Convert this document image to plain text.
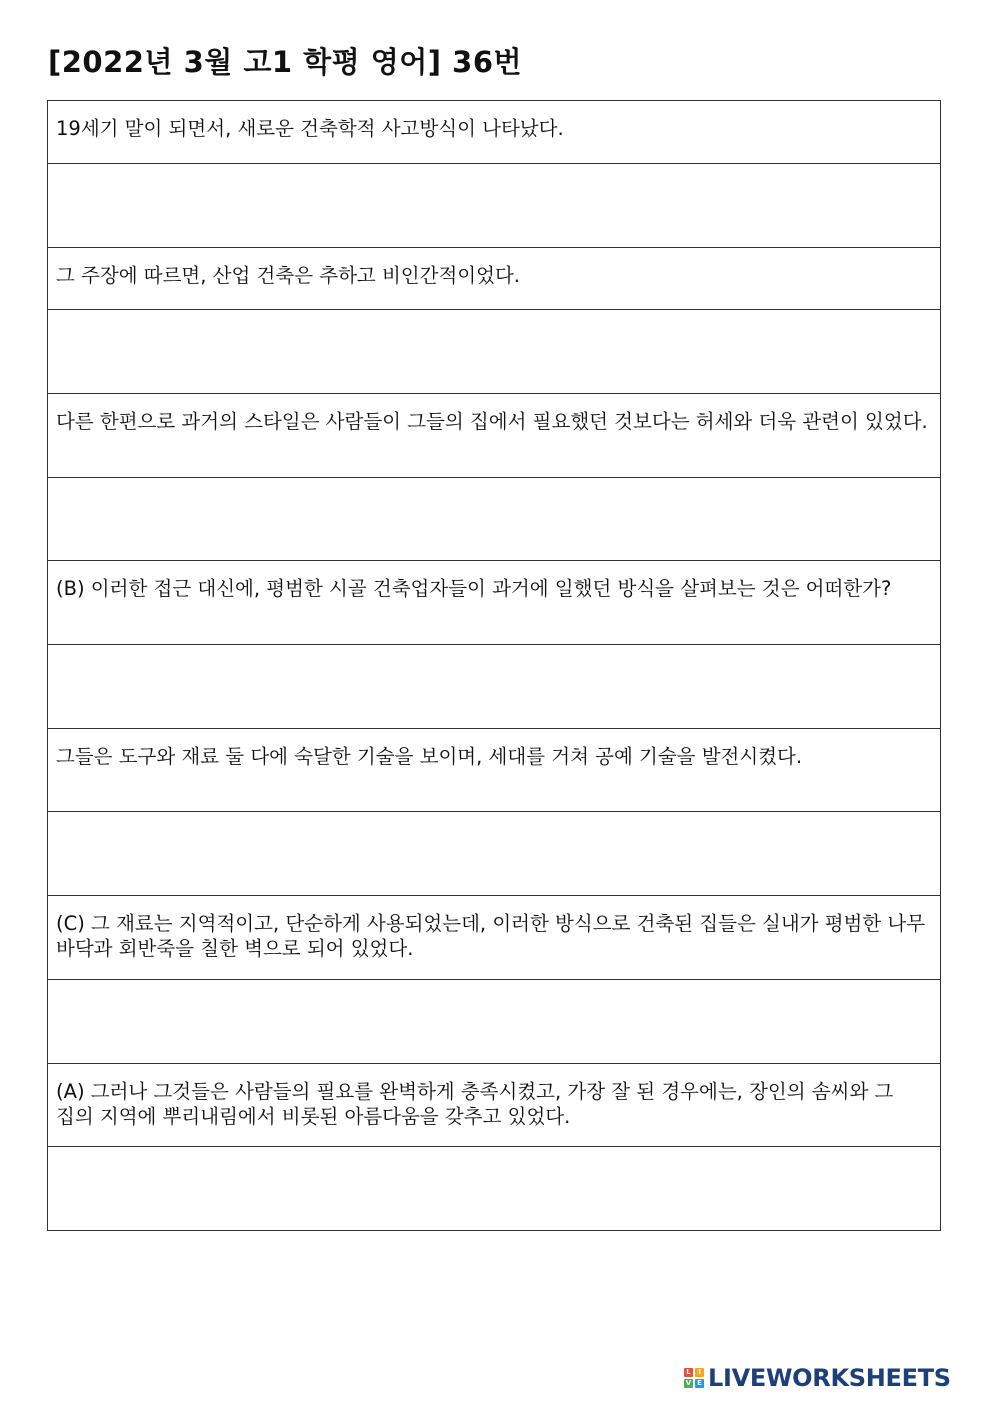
[2022년 3월 고1 학평 영어] 36번
19세기 말이 되면서, 새로운 건축학적 사고방식이 나타났다.

그 주장에 따르면, 산업 건축은 추하고 비인간적이었다.

다른 한편으로 과거의 스타일은 사람들이 그들의 집에서 필요했던 것보다는 허세와 더욱 관련이 있었다.

(B) 이러한 접근 대신에, 평범한 시골 건축업자들이 과거에 일했던 방식을 살펴보는 것은 어떠한가?

그들은 도구와 재료 둘 다에 숙달한 기술을 보이며, 세대를 거쳐 공예 기술을 발전시켰다.

(C) 그 재료는 지역적이고, 단순하게 사용되었는데, 이러한 방식으로 건축된 집들은 실내가 평범한 나무 바닥과 회반죽을 칠한 벽으로 되어 있었다.

(A) 그러나 그것들은 사람들의 필요를 완벽하게 충족시켰고, 가장 잘 된 경우에는, 장인의 솜씨와 그 집의 지역에 뿌리내림에서 비롯된 아름다움을 갖추고 있었다.

L	I
V E LIVEWORKSHEETS
